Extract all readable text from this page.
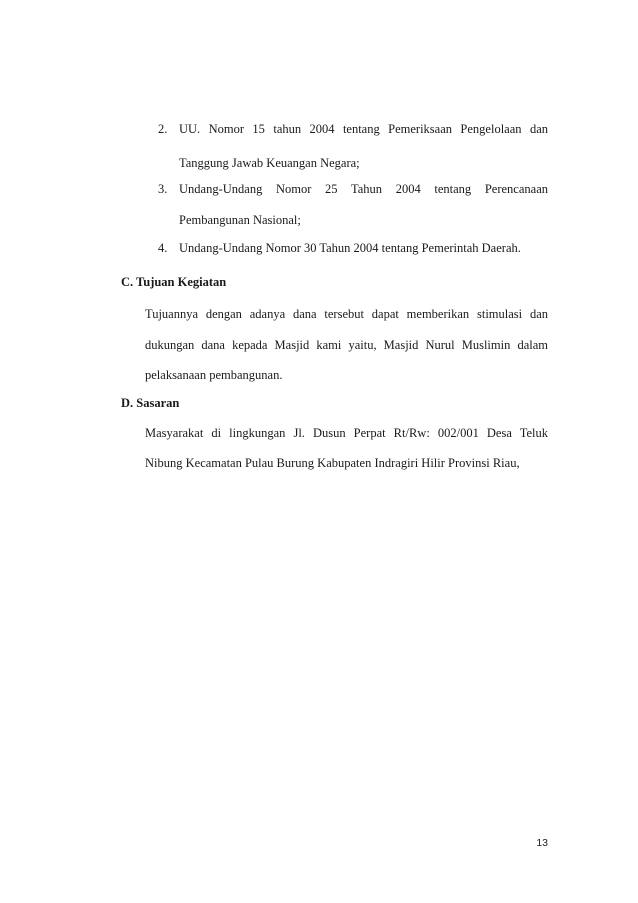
2. UU. Nomor 15 tahun 2004 tentang Pemeriksaan Pengelolaan dan
Tanggung Jawab Keuangan Negara;
3. Undang-Undang Nomor 25 Tahun 2004 tentang Perencanaan
Pembangunan Nasional;
4. Undang-Undang Nomor 30 Tahun 2004 tentang Pemerintah Daerah.
C. Tujuan Kegiatan
Tujuannya dengan adanya dana tersebut dapat memberikan stimulasi dan
dukungan dana kepada Masjid kami yaitu, Masjid Nurul Muslimin dalam
pelaksanaan pembangunan.
D. Sasaran
Masyarakat di lingkungan Jl. Dusun Perpat Rt/Rw: 002/001 Desa Teluk
Nibung Kecamatan Pulau Burung Kabupaten Indragiri Hilir Provinsi Riau,
13
